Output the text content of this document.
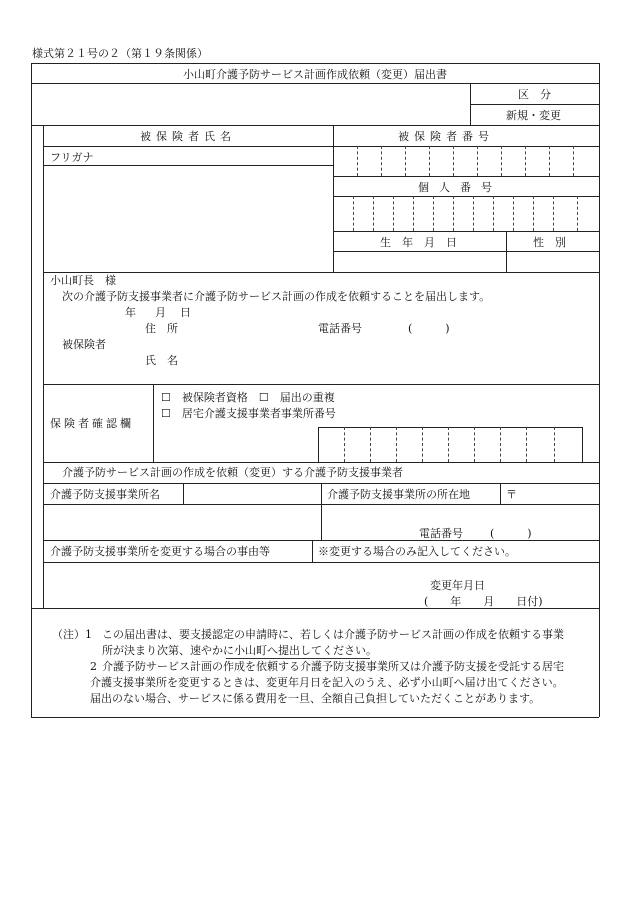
様式第２１号の２（第１９条関係）
小山町介護予防サービス計画作成依頼（変更）届出書
区　分
新規・変更
被保険者氏名	被保険者番号
フリガナ
個人番号
生　年　月　日	性　別
小山町長　様
次の介護予防支援事業者に介護予防サービス計画の作成を依頼することを届出します。
年 月 日
住　所	電話番号	(　　　)
被保険者
氏　名
保険者確認欄
☐　被保険者資格　☐　届出の重複
☐　居宅介護支援事業者事業所番号
介護予防サービス計画の作成を依頼（変更）する介護予防支援事業者
介護予防支援事業所名	介護予防支援事業所の所在地	〒
電話番号 (　　　)
介護予防支援事業所を変更する場合の事由等	※変更する場合のみ記入してください。
変更年月日
(　　年　　月　　日付)
（注）1 この届出書は、要支援認定の申請時に、若しくは介護予防サービス計画の作成を依頼する事業
所が決まり次第、速やかに小山町へ提出してください。
2 介護予防サービス計画の作成を依頼する介護予防支援事業所又は介護予防支援を受託する居宅
介護支援事業所を変更するときは、変更年月日を記入のうえ、必ず小山町へ届け出てください。
届出のない場合、サービスに係る費用を一旦、全額自己負担していただくことがあります。
